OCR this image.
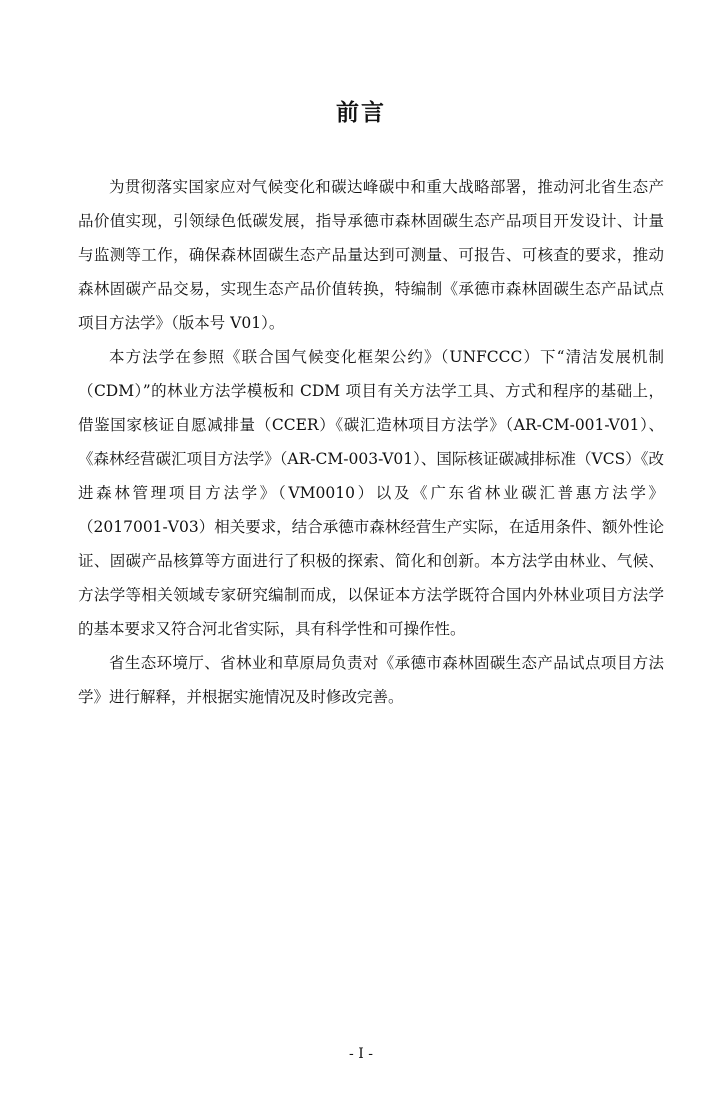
前言

为贯彻落实国家应对气候变化和碳达峰碳中和重大战略部署，推动河北省生态产品价值实现，引领绿色低碳发展，指导承德市森林固碳生态产品项目开发设计、计量与监测等工作，确保森林固碳生态产品量达到可测量、可报告、可核查的要求，推动森林固碳产品交易，实现生态产品价值转换，特编制《承德市森林固碳生态产品试点项目方法学》（版本号 V01）。

本方法学在参照《联合国气候变化框架公约》（UNFCCC）下“清洁发展机制（CDM）”的林业方法学模板和 CDM 项目有关方法学工具、方式和程序的基础上，借鉴国家核证自愿减排量（CCER）《碳汇造林项目方法学》（AR-CM-001-V01）、《森林经营碳汇项目方法学》（AR-CM-003-V01）、国际核证碳减排标准（VCS）《改进森林管理项目方法学》（VM0010）以及《广东省林业碳汇普惠方法学》（2017001-V03）相关要求，结合承德市森林经营生产实际，在适用条件、额外性论证、固碳产品核算等方面进行了积极的探索、简化和创新。本方法学由林业、气候、方法学等相关领域专家研究编制而成，以保证本方法学既符合国内外林业项目方法学的基本要求又符合河北省实际，具有科学性和可操作性。

省生态环境厅、省林业和草原局负责对《承德市森林固碳生态产品试点项目方法学》进行解释，并根据实施情况及时修改完善。

- I -
